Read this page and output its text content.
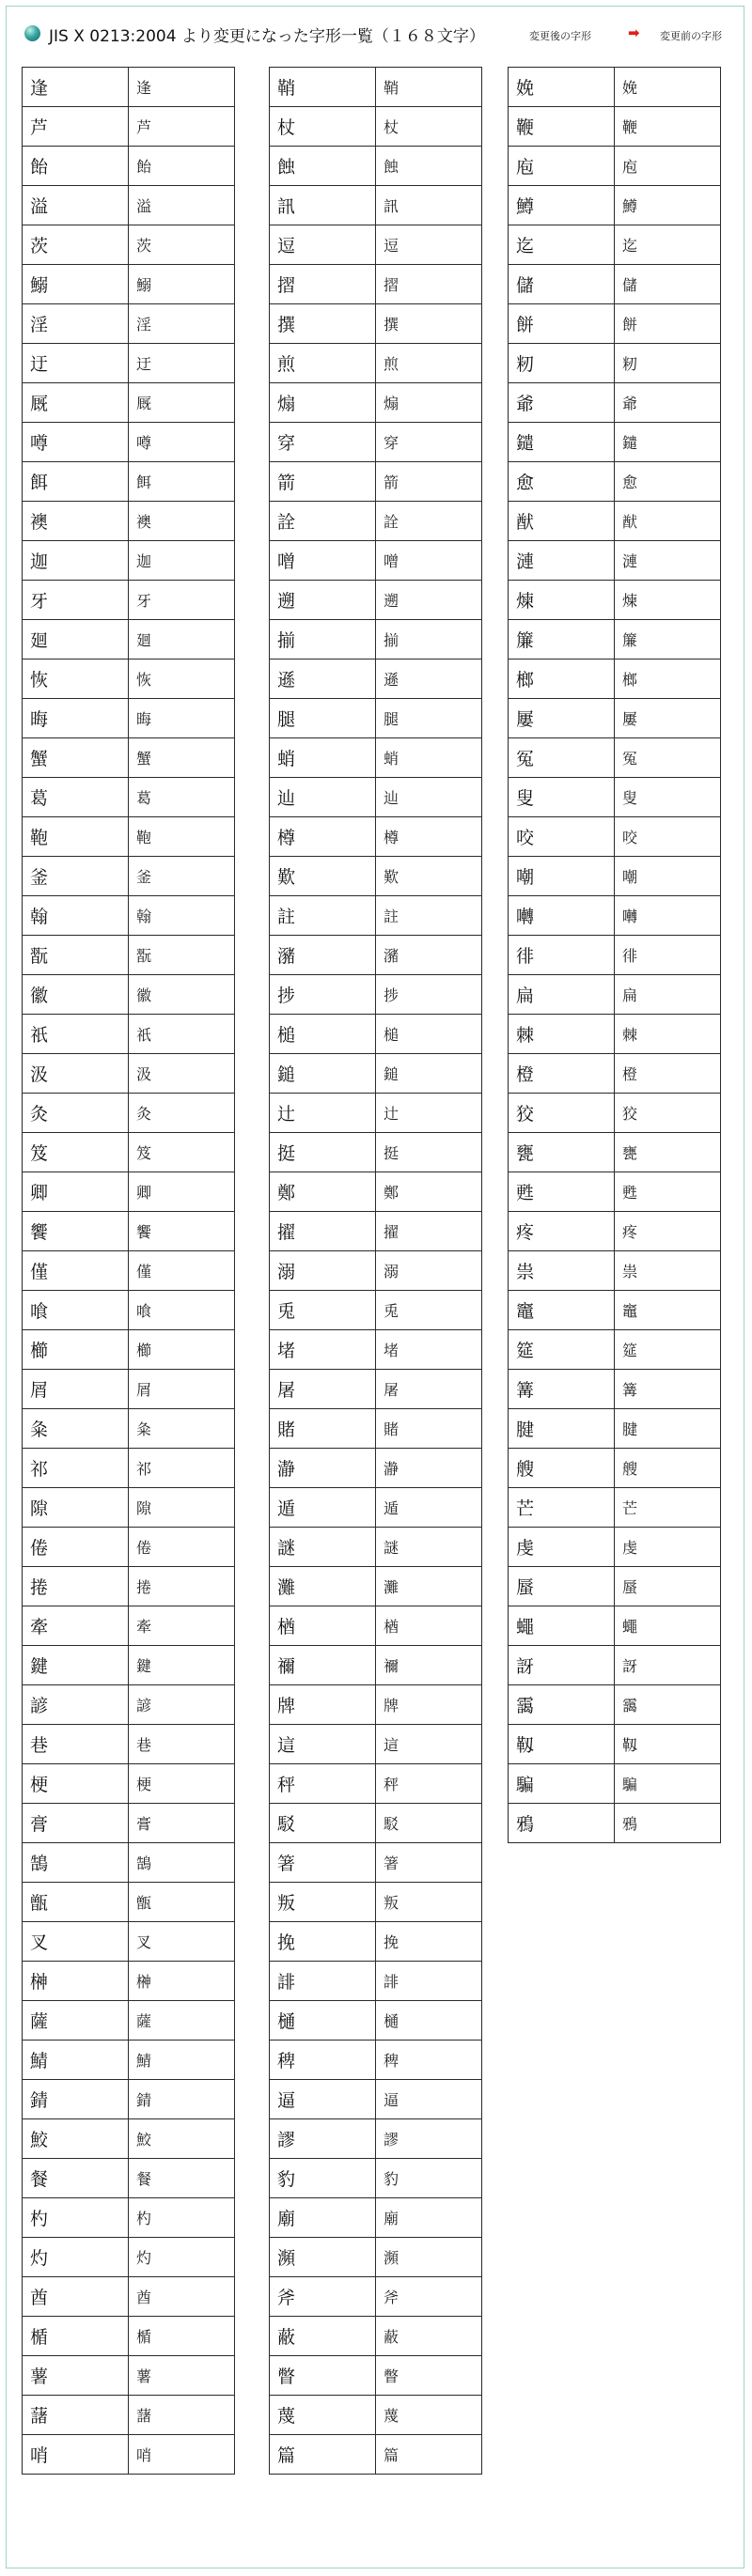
JIS X 0213:2004 より変更になった字形一覧（１６８文字）	変更後の字形	➡ 変更前の字形
逢	逢
芦	芦
飴	飴
溢	溢
茨	茨
鰯	鰯
淫	淫
迂	迂
厩	厩
噂	噂
餌	餌
襖	襖
迦	迦
牙	牙
廻	廻
恢	恢
晦	晦
蟹	蟹
葛	葛
鞄	鞄
釜	釜
翰	翰
翫	翫
徽	徽
祇	祇
汲	汲
灸	灸
笈	笈
卿	卿
饗	饗
僅	僅
喰	喰
櫛	櫛
屑	屑
粂	粂
祁	祁
隙	隙
倦	倦
捲	捲
牽	牽
鍵	鍵
諺	諺
巷	巷
梗	梗
膏	膏
鵠	鵠
甑	甑
叉	叉
榊	榊
薩	薩
鯖	鯖
錆	錆
鮫	鮫
餐	餐
杓	杓
灼	灼
酋	酋
楯	楯
薯	薯
藷	藷
哨	哨
鞘	鞘
杖	杖
蝕	蝕
訊	訊
逗	逗
摺	摺
撰	撰
煎	煎
煽	煽
穿	穿
箭	箭
詮	詮
噌	噌
遡	遡
揃	揃
遜	遜
腿	腿
蛸	蛸
辿	辿
樽	樽
歎	歎
註	註
瀦	瀦
捗	捗
槌	槌
鎚	鎚
辻	辻
挺	挺
鄭	鄭
擢	擢
溺	溺
兎	兎
堵	堵
屠	屠
賭	賭
瀞	瀞
遁	遁
謎	謎
灘	灘
楢	楢
禰	禰
牌	牌
這	這
秤	秤
駁	駁
箸	箸
叛	叛
挽	挽
誹	誹
樋	樋
稗	稗
逼	逼
謬	謬
豹	豹
廟	廟
瀕	瀕
斧	斧
蔽	蔽
瞥	瞥
蔑	蔑
篇	篇
娩	娩
鞭	鞭
庖	庖
鱒	鱒
迄	迄
儲	儲
餅	餅
籾	籾
爺	爺
鑓	鑓
愈	愈
猷	猷
漣	漣
煉	煉
簾	簾
榔	榔
屢	屢
冤	冤
叟	叟
咬	咬
嘲	嘲
囀	囀
徘	徘
扁	扁
棘	棘
橙	橙
狡	狡
甕	甕
甦	甦
疼	疼
祟	祟
竈	竈
筵	筵
篝	篝
腱	腱
艘	艘
芒	芒
虔	虔
蜃	蜃
蠅	蠅
訝	訝
靄	靄
靱	靱
騙	騙
鴉	鴉
